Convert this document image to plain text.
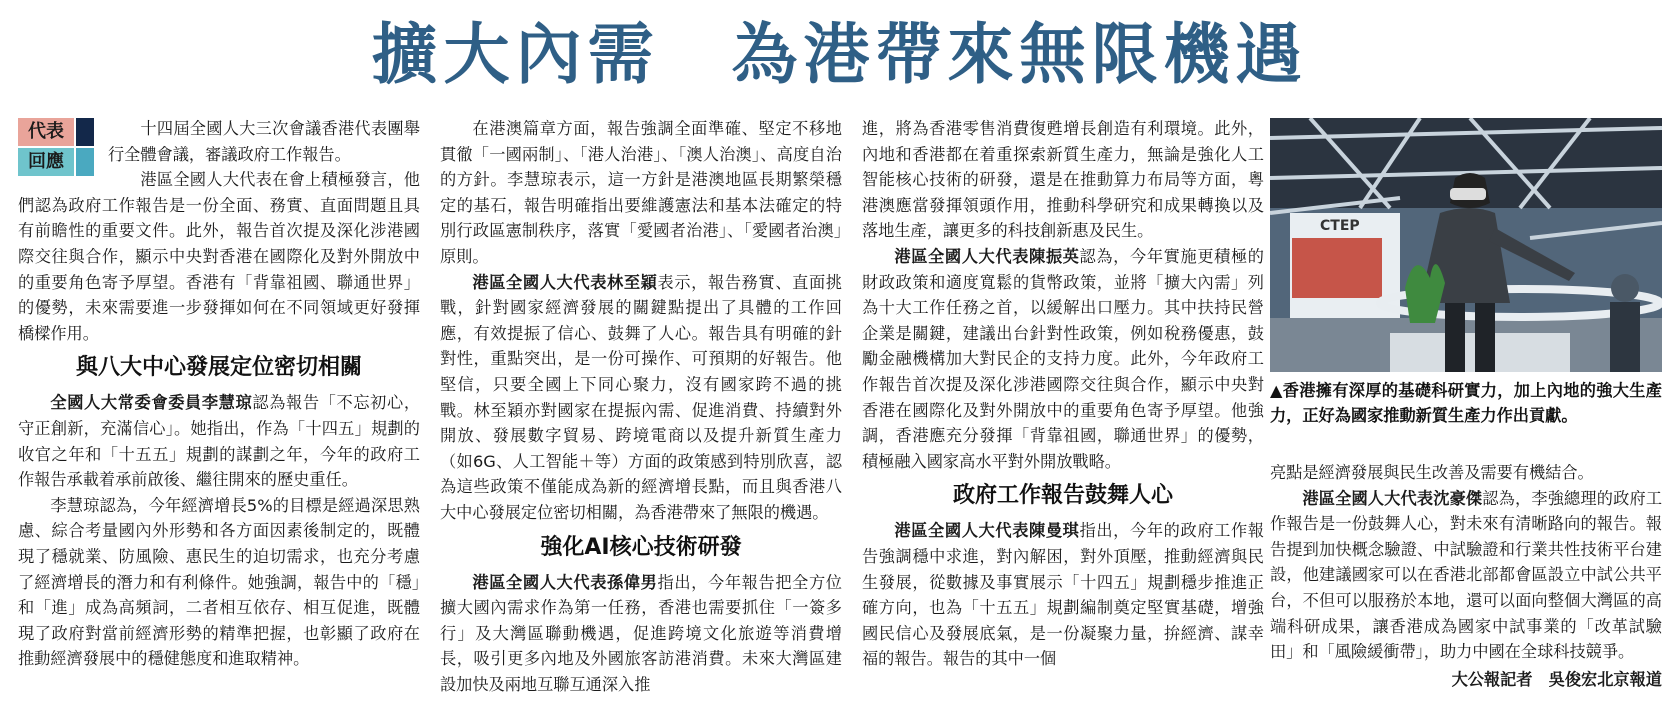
擴大內需　為港帶來無限機遇
代表
回應

十四屆全國人大三次會議香港代表團舉行全體會議，審議政府工作報告。

港區全國人大代表在會上積極發言，他們認為政府工作報告是一份全面、務實、直面問題且具有前瞻性的重要文件。此外，報告首次提及深化涉港國際交往與合作，顯示中央對香港在國際化及對外開放中的重要角色寄予厚望。香港有「背靠祖國、聯通世界」的優勢，未來需要進一步發揮如何在不同領域更好發揮橋樑作用。

與八大中心發展定位密切相關

全國人大常委會委員李慧琼認為報告「不忘初心，守正創新，充滿信心」。她指出，作為「十四五」規劃的收官之年和「十五五」規劃的謀劃之年，今年的政府工作報告承載着承前啟後、繼往開來的歷史重任。

李慧琼認為，今年經濟增長5%的目標是經過深思熟慮、綜合考量國內外形勢和各方面因素後制定的，既體現了穩就業、防風險、惠民生的迫切需求，也充分考慮了經濟增長的潛力和有利條件。她強調，報告中的「穩」和「進」成為高頻詞，二者相互依存、相互促進，既體現了政府對當前經濟形勢的精準把握，也彰顯了政府在推動經濟發展中的穩健態度和進取精神。

在港澳篇章方面，報告強調全面準確、堅定不移地貫徹「一國兩制」、「港人治港」、「澳人治澳」、高度自治的方針。李慧琼表示，這一方針是港澳地區長期繁榮穩定的基石，報告明確指出要維護憲法和基本法確定的特別行政區憲制秩序，落實「愛國者治港」、「愛國者治澳」原則。

港區全國人大代表林至穎表示，報告務實、直面挑戰，針對國家經濟發展的關鍵點提出了具體的工作回應，有效提振了信心、鼓舞了人心。報告具有明確的針對性，重點突出，是一份可操作、可預期的好報告。他堅信，只要全國上下同心聚力，沒有國家跨不過的挑戰。林至穎亦對國家在提振內需、促進消費、持續對外開放、發展數字貿易、跨境電商以及提升新質生產力（如6G、人工智能＋等）方面的政策感到特別欣喜，認為這些政策不僅能成為新的經濟增長點，而且與香港八大中心發展定位密切相關，為香港帶來了無限的機遇。

強化AI核心技術研發

港區全國人大代表孫偉男指出，今年報告把全方位擴大國內需求作為第一任務，香港也需要抓住「一簽多行」及大灣區聯動機遇，促進跨境文化旅遊等消費增長，吸引更多內地及外國旅客訪港消費。未來大灣區建設加快及兩地互聯互通深入推

進，將為香港零售消費復甦增長創造有利環境。此外，內地和香港都在着重探索新質生產力，無論是強化人工智能核心技術的研發，還是在推動算力布局等方面，粵港澳應當發揮領頭作用，推動科學研究和成果轉換以及落地生產，讓更多的科技創新惠及民生。

港區全國人大代表陳振英認為，今年實施更積極的財政政策和適度寬鬆的貨幣政策，並將「擴大內需」列為十大工作任務之首，以緩解出口壓力。其中扶持民營企業是關鍵，建議出台針對性政策，例如稅務優惠，鼓勵金融機構加大對民企的支持力度。此外，今年政府工作報告首次提及深化涉港國際交往與合作，顯示中央對香港在國際化及對外開放中的重要角色寄予厚望。他強調，香港應充分發揮「背靠祖國，聯通世界」的優勢，積極融入國家高水平對外開放戰略。

政府工作報告鼓舞人心

港區全國人大代表陳曼琪指出，今年的政府工作報告強調穩中求進，對內解困，對外頂壓，推動經濟與民生發展，從數據及事實展示「十四五」規劃穩步推進正確方向，也為「十五五」規劃編制奠定堅實基礎，增強國民信心及發展底氣，是一份凝聚力量，拚經濟、謀幸福的報告。報告的其中一個

СТЕР
▲香港擁有深厚的基礎科研實力，加上內地的強大生產力，正好為國家推動新質生產力作出貢獻。

亮點是經濟發展與民生改善及需要有機結合。

港區全國人大代表沈豪傑認為，李強總理的政府工作報告是一份鼓舞人心，對未來有清晰路向的報告。報告提到加快概念驗證、中試驗證和行業共性技術平台建設，他建議國家可以在香港北部都會區設立中試公共平台，不但可以服務於本地，還可以面向整個大灣區的高端科研成果，讓香港成為國家中試事業的「改革試驗田」和「風險緩衝帶」，助力中國在全球科技競爭。

大公報記者　吳俊宏北京報道
